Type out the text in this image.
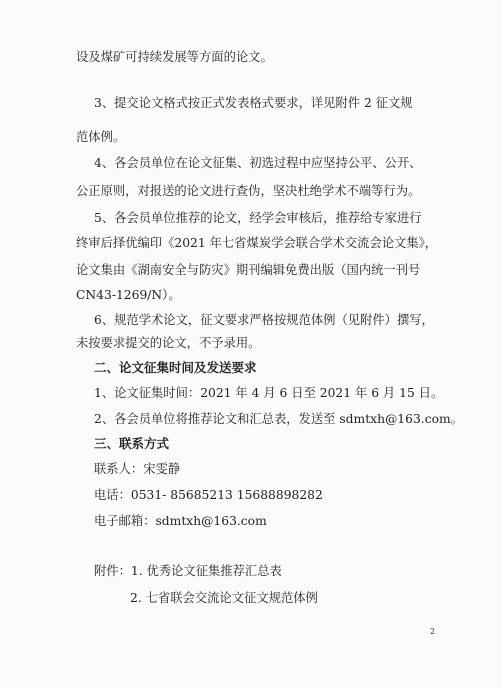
设及煤矿可持续发展等方面的论文。
3、提交论文格式按正式发表格式要求，详见附件 2 征文规
范体例。
4、各会员单位在论文征集、初选过程中应坚持公平、公开、
公正原则，对报送的论文进行查伪，坚决杜绝学术不端等行为。
5、各会员单位推荐的论文，经学会审核后，推荐给专家进行
终审后择优编印《2021 年七省煤炭学会联合学术交流会论文集》，
论文集由《湖南安全与防灾》期刊编辑免费出版（国内统一刊号
CN43-1269/N）。
6、规范学术论文，征文要求严格按规范体例（见附件）撰写，
未按要求提交的论文，不予录用。
二、论文征集时间及发送要求
1、论文征集时间：2021 年 4 月 6 日至 2021 年 6 月 15 日。
2、各会员单位将推荐论文和汇总表，发送至 sdmtxh@163.com。
三、联系方式
联系人：宋雯静
电话：0531- 85685213 15688898282
电子邮箱：sdmtxh@163.com
附件：1. 优秀论文征集推荐汇总表
2. 七省联会交流论文征文规范体例
2
